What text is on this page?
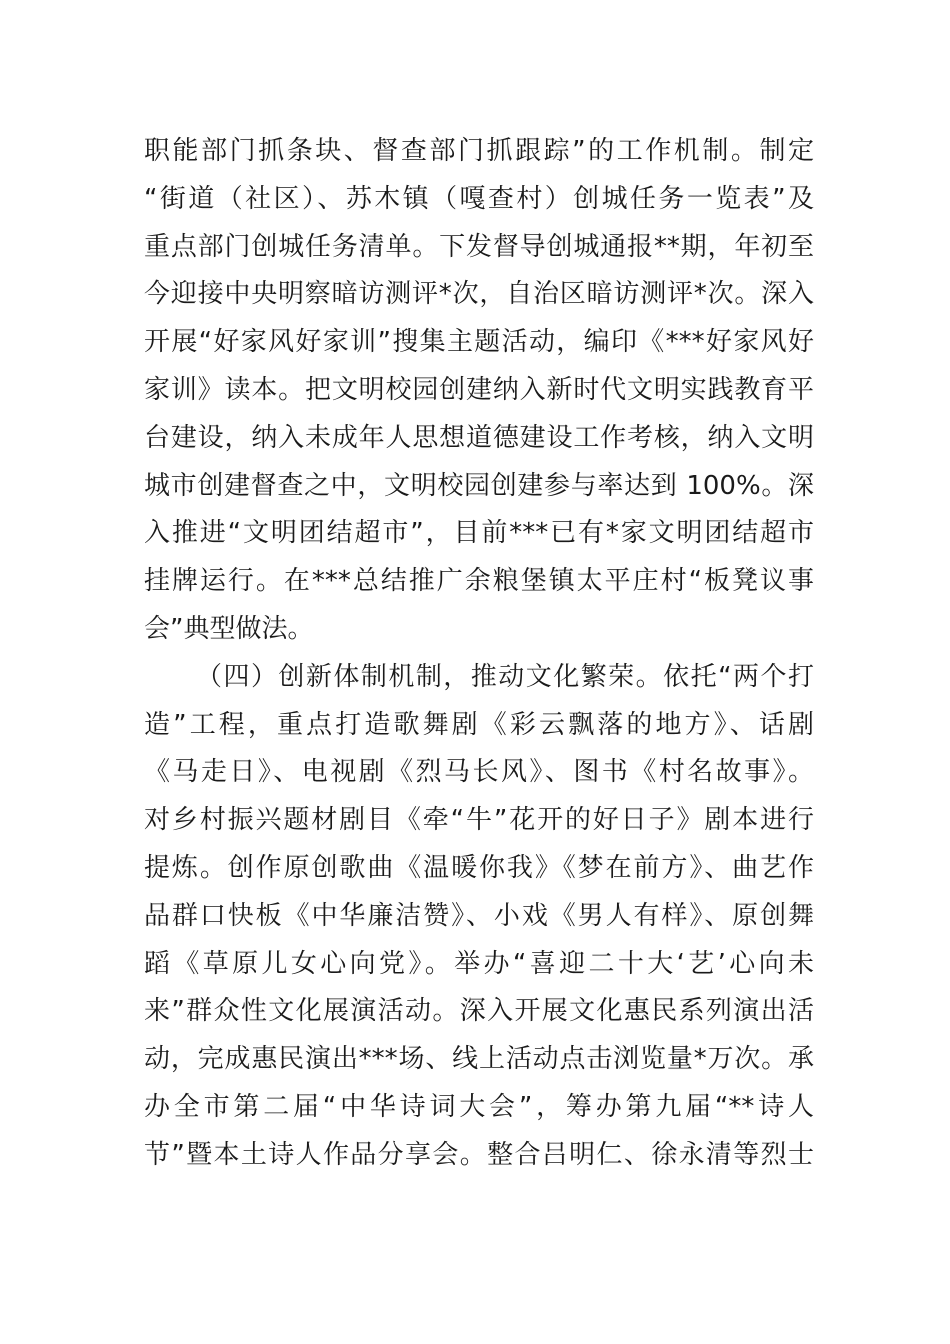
职能部门抓条块、督查部门抓跟踪”的工作机制。制定
“街道（社区）、苏木镇（嘎查村）创城任务一览表”及
重点部门创城任务清单。下发督导创城通报**期，年初至
今迎接中央明察暗访测评*次，自治区暗访测评*次。深入
开展“好家风好家训”搜集主题活动，编印《***好家风好
家训》读本。把文明校园创建纳入新时代文明实践教育平
台建设，纳入未成年人思想道德建设工作考核，纳入文明
城市创建督查之中，文明校园创建参与率达到 100%。深
入推进“文明团结超市”，目前***已有*家文明团结超市
挂牌运行。在***总结推广余粮堡镇太平庄村“板凳议事
会”典型做法。
（四）创新体制机制，推动文化繁荣。依托“两个打
造”工程，重点打造歌舞剧《彩云飘落的地方》、话剧
《马走日》、电视剧《烈马长风》、图书《村名故事》。
对乡村振兴题材剧目《牵“牛”花开的好日子》剧本进行
提炼。创作原创歌曲《温暖你我》《梦在前方》、曲艺作
品群口快板《中华廉洁赞》、小戏《男人有样》、原创舞
蹈《草原儿女心向党》。举办“喜迎二十大‘艺’心向未
来”群众性文化展演活动。深入开展文化惠民系列演出活
动，完成惠民演出***场、线上活动点击浏览量*万次。承
办全市第二届“中华诗词大会”，筹办第九届“**诗人
节”暨本土诗人作品分享会。整合吕明仁、徐永清等烈士
